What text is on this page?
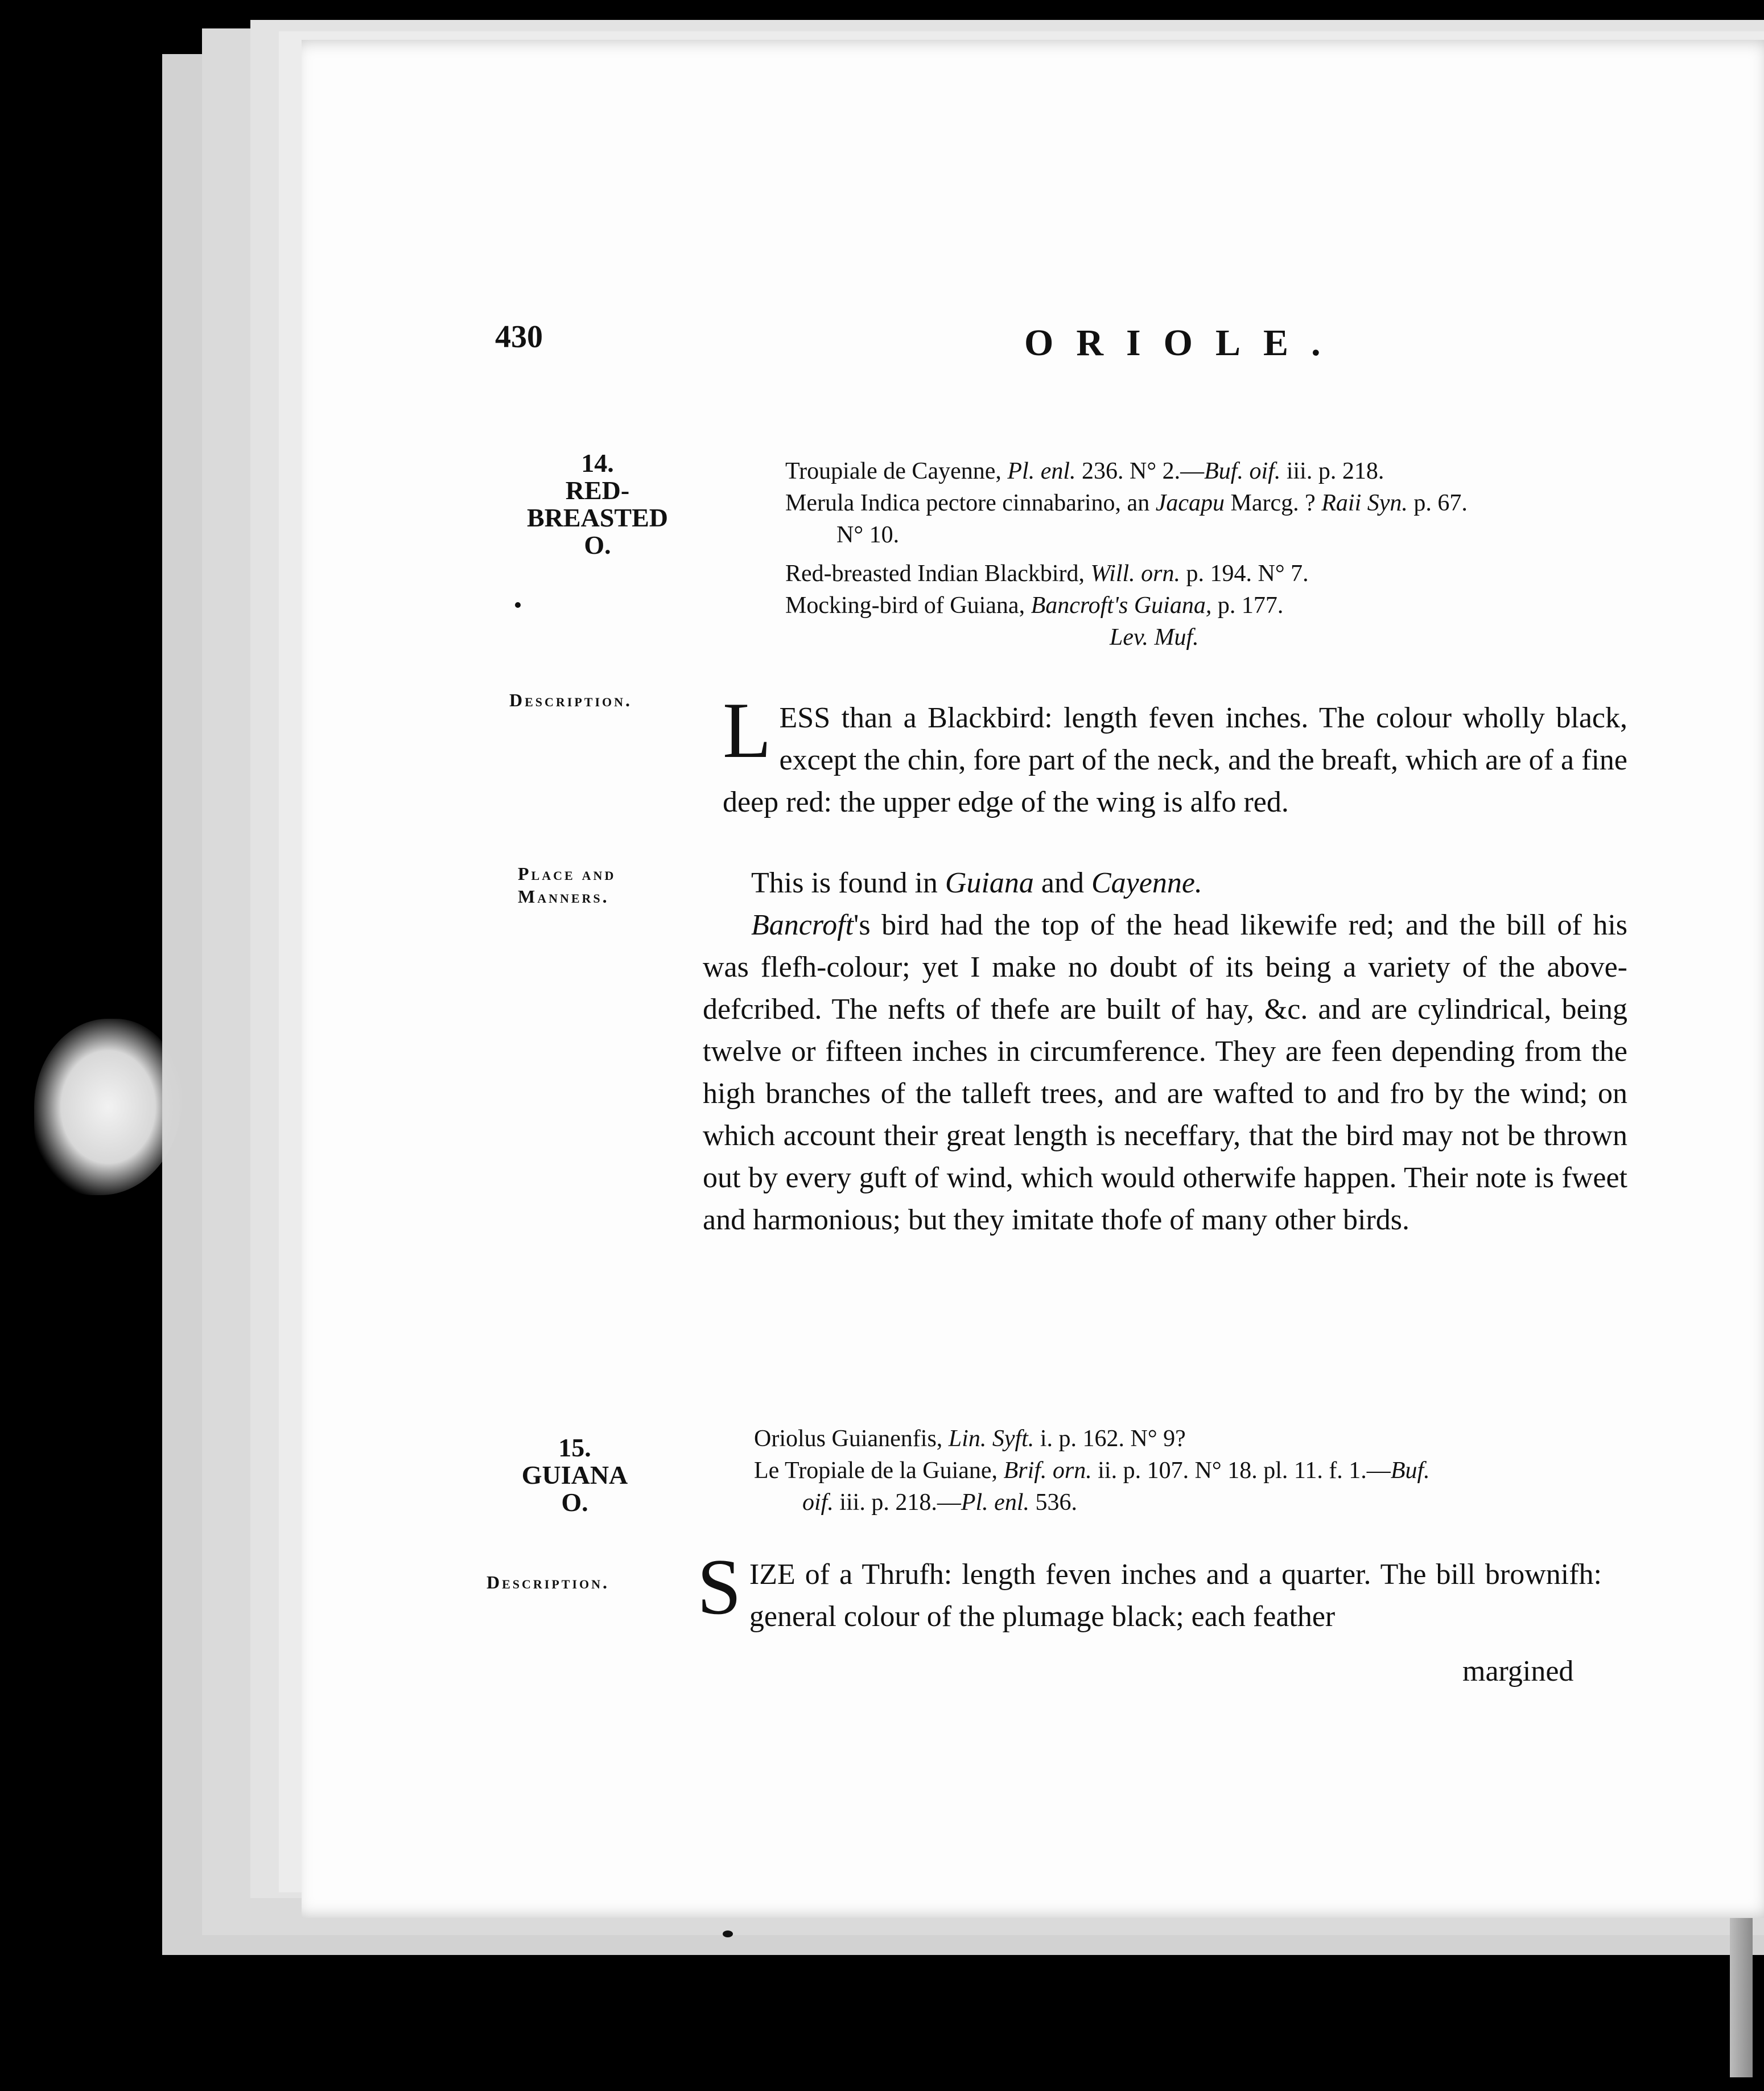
430	ORIOLE.
14.
RED-
BREASTED
O.
Troupiale de Cayenne, Pl. enl. 236. N° 2.—Buf. oif. iii. p. 218.
Merula Indica pectore cinnabarino, an Jacapu Marcg. ? Raii Syn. p. 67.
N° 10.
Red-breasted Indian Blackbird, Will. orn. p. 194. N° 7.
Mocking-bird of Guiana, Bancroft's Guiana, p. 177.
Lev. Muf.
Description. LESS than a Blackbird: length feven inches. The colour wholly black, except the chin, fore part of the neck, and the breaft, which are of a fine deep red: the upper edge of the wing is alfo red.
Place and
Manners.	This is found in Guiana and Cayenne.
Bancroft's bird had the top of the head likewife red; and the bill of his was flefh-colour; yet I make no doubt of its being a variety of the above-defcribed. The nefts of thefe are built of hay, &c. and are cylindrical, being twelve or fifteen inches in circumference. They are feen depending from the high branches of the talleft trees, and are wafted to and fro by the wind; on which account their great length is neceffary, that the bird may not be thrown out by every guft of wind, which would otherwife happen. Their note is fweet and harmonious; but they imitate thofe of many other birds.
15.
GUIANA
O.
Oriolus Guianenfis, Lin. Syft. i. p. 162. N° 9?
Le Tropiale de la Guiane, Brif. orn. ii. p. 107. N° 18. pl. 11. f. 1.—Buf.
oif. iii. p. 218.—Pl. enl. 536.
Description. SIZE of a Thrufh: length feven inches and a quarter. The bill brownifh: general colour of the plumage black; each feather
margined
